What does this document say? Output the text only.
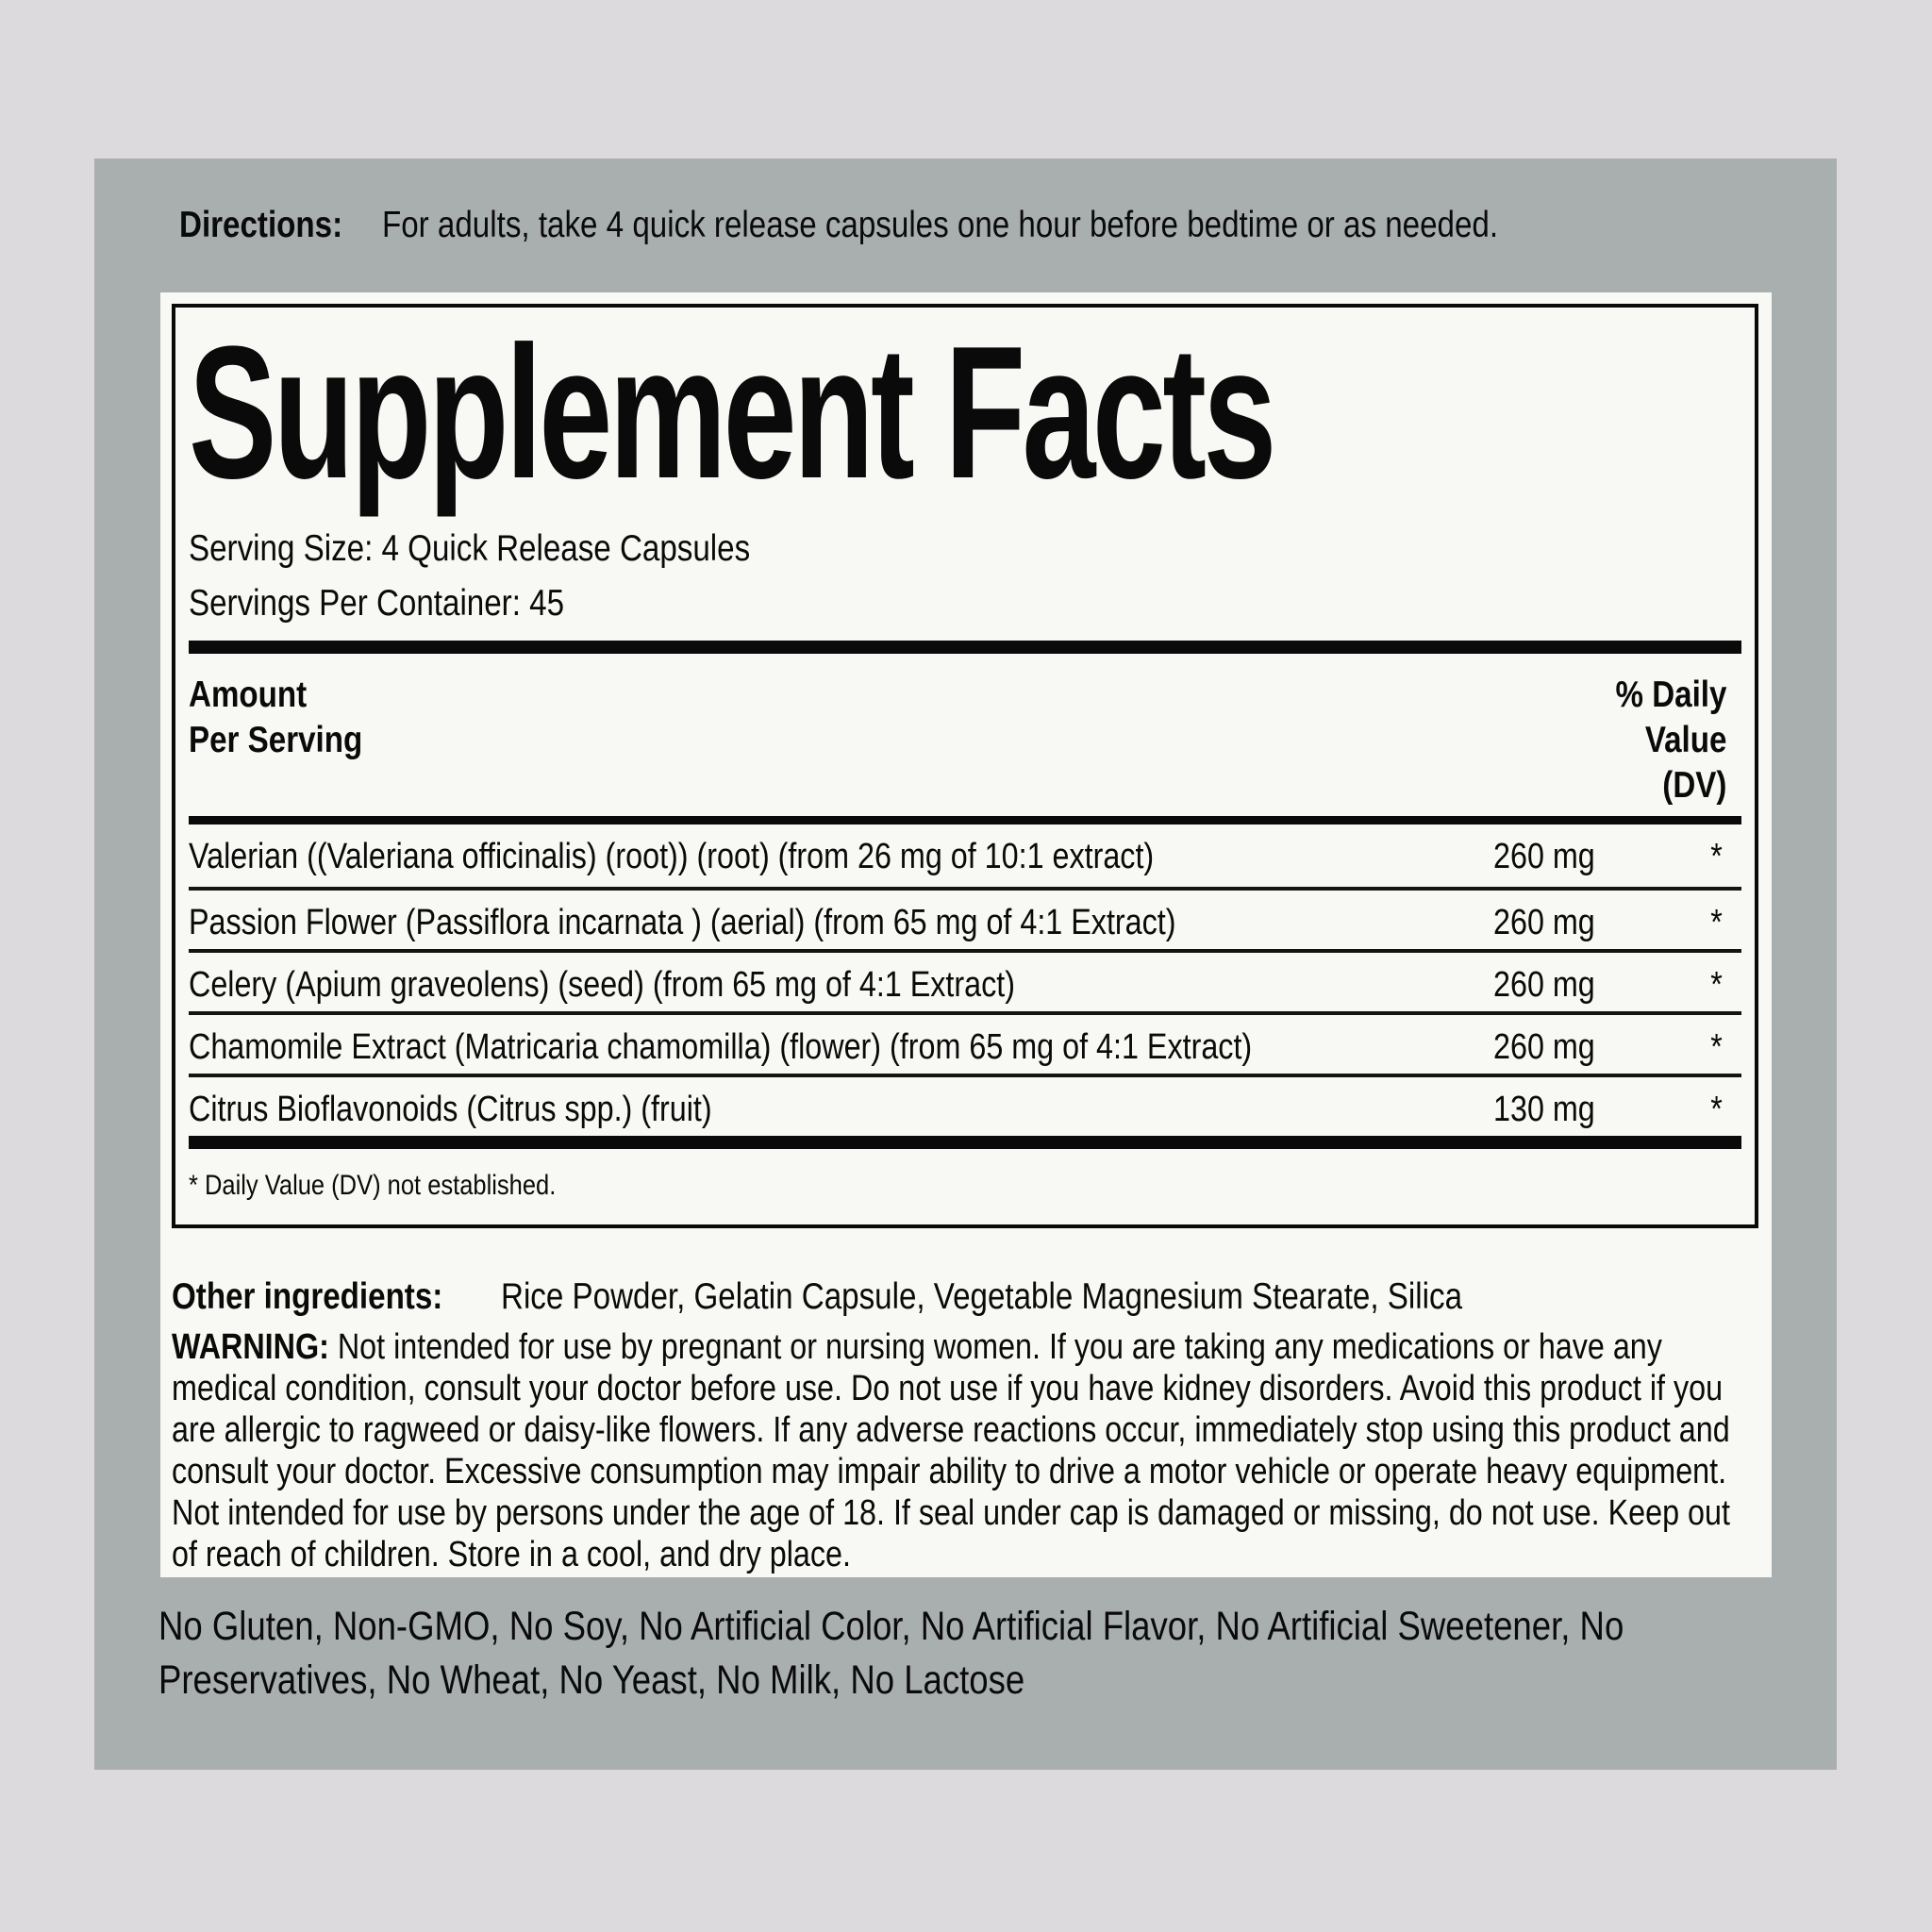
Directions: For adults, take 4 quick release capsules one hour before bedtime or as needed.

Supplement Facts
Serving Size: 4 Quick Release Capsules
Servings Per Container: 45
Amount
Per Serving
% Daily
Value
(DV)
Valerian ((Valeriana officinalis) (root)) (root) (from 26 mg of 10:1 extract)	260 mg	*
Passion Flower (Passiflora incarnata ) (aerial) (from 65 mg of 4:1 Extract)	260 mg	*
Celery (Apium graveolens) (seed) (from 65 mg of 4:1 Extract)	260 mg	*
Chamomile Extract (Matricaria chamomilla) (flower) (from 65 mg of 4:1 Extract)	260 mg	*
Citrus Bioflavonoids (Citrus spp.) (fruit)	130 mg	*
* Daily Value (DV) not established.

Other ingredients: Rice Powder, Gelatin Capsule, Vegetable Magnesium Stearate, Silica

WARNING: Not intended for use by pregnant or nursing women. If you are taking any medications or have any medical condition, consult your doctor before use. Do not use if you have kidney disorders. Avoid this product if you are allergic to ragweed or daisy-like flowers. If any adverse reactions occur, immediately stop using this product and consult your doctor. Excessive consumption may impair ability to drive a motor vehicle or operate heavy equipment. Not intended for use by persons under the age of 18. If seal under cap is damaged or missing, do not use. Keep out of reach of children. Store in a cool, and dry place.

No Gluten, Non-GMO, No Soy, No Artificial Color, No Artificial Flavor, No Artificial Sweetener, No Preservatives, No Wheat, No Yeast, No Milk, No Lactose
